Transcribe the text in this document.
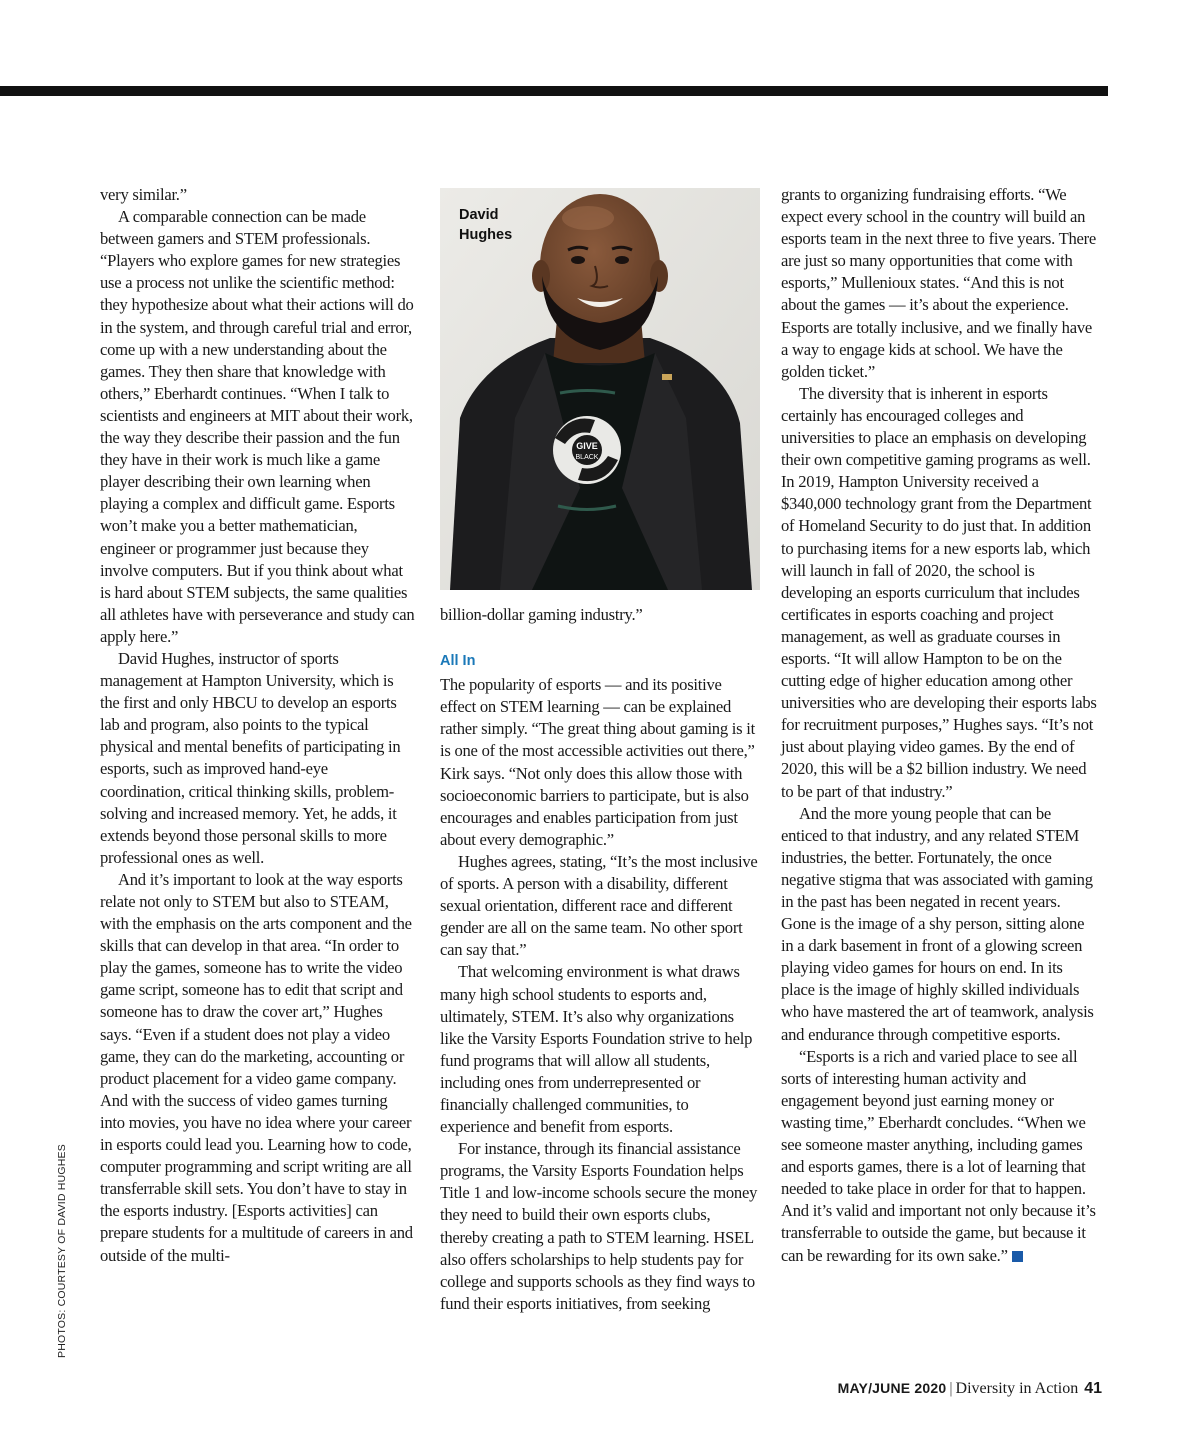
very similar.”

A comparable connection can be made between gamers and STEM professionals. “Players who explore games for new strategies use a process not unlike the scientific method: they hypothesize about what their actions will do in the system, and through careful trial and error, come up with a new understanding about the games. They then share that knowledge with others,” Eberhardt continues. “When I talk to scientists and engineers at MIT about their work, the way they describe their passion and the fun they have in their work is much like a game player describing their own learning when playing a complex and difficult game. Esports won’t make you a better mathematician, engineer or programmer just because they involve computers. But if you think about what is hard about STEM subjects, the same qualities all athletes have with perseverance and study can apply here.”

David Hughes, instructor of sports management at Hampton University, which is the first and only HBCU to develop an esports lab and program, also points to the typical physical and mental benefits of participating in esports, such as improved hand-eye coordination, critical thinking skills, problem-solving and increased memory. Yet, he adds, it extends beyond those personal skills to more professional ones as well.

And it’s important to look at the way esports relate not only to STEM but also to STEAM, with the emphasis on the arts component and the skills that can develop in that area. “In order to play the games, someone has to write the video game script, someone has to edit that script and someone has to draw the cover art,” Hughes says. “Even if a student does not play a video game, they can do the marketing, accounting or product placement for a video game company. And with the success of video games turning into movies, you have no idea where your career in esports could lead you. Learning how to code, computer programming and script writing are all transferrable skill sets. You don’t have to stay in the esports industry. [Esports activities] can prepare students for a multitude of careers in and outside of the multi-

GIVE
BLACK
David
Hughes

billion-dollar gaming industry.”

All In

The popularity of esports — and its positive effect on STEM learning — can be explained rather simply. “The great thing about gaming is it is one of the most accessible activities out there,” Kirk says. “Not only does this allow those with socioeconomic barriers to participate, but is also encourages and enables participation from just about every demographic.”

Hughes agrees, stating, “It’s the most inclusive of sports. A person with a disability, different sexual orientation, different race and different gender are all on the same team. No other sport can say that.”

That welcoming environment is what draws many high school students to esports and, ultimately, STEM. It’s also why organizations like the Varsity Esports Foundation strive to help fund programs that will allow all students, including ones from underrepresented or financially challenged communities, to experience and benefit from esports.

For instance, through its financial assistance programs, the Varsity Esports Foundation helps Title 1 and low-income schools secure the money they need to build their own esports clubs, thereby creating a path to STEM learning. HSEL also offers scholarships to help students pay for college and supports schools as they find ways to fund their esports initiatives, from seeking

grants to organizing fundraising efforts. “We expect every school in the country will build an esports team in the next three to five years. There are just so many opportunities that come with esports,” Mullenioux states. “And this is not about the games — it’s about the experience. Esports are totally inclusive, and we finally have a way to engage kids at school. We have the golden ticket.”

The diversity that is inherent in esports certainly has encouraged colleges and universities to place an emphasis on developing their own competitive gaming programs as well. In 2019, Hampton University received a $340,000 technology grant from the Department of Homeland Security to do just that. In addition to purchasing items for a new esports lab, which will launch in fall of 2020, the school is developing an esports curriculum that includes certificates in esports coaching and project management, as well as graduate courses in esports. “It will allow Hampton to be on the cutting edge of higher education among other universities who are developing their esports labs for recruitment purposes,” Hughes says. “It’s not just about playing video games. By the end of 2020, this will be a $2 billion industry. We need to be part of that industry.”

And the more young people that can be enticed to that industry, and any related STEM industries, the better. Fortunately, the once negative stigma that was associated with gaming in the past has been negated in recent years. Gone is the image of a shy person, sitting alone in a dark basement in front of a glowing screen playing video games for hours on end. In its place is the image of highly skilled individuals who have mastered the art of teamwork, analysis and endurance through competitive esports.

“Esports is a rich and varied place to see all sorts of interesting human activity and engagement beyond just earning money or wasting time,” Eberhardt concludes. “When we see someone master anything, including games and esports games, there is a lot of learning that needed to take place in order for that to happen. And it’s valid and important not only because it’s transferrable to outside the game, but because it can be rewarding for its own sake.”

PHOTOS: COURTESY OF DAVID HUGHES
MAY/JUNE 2020 | Diversity in Action 41
